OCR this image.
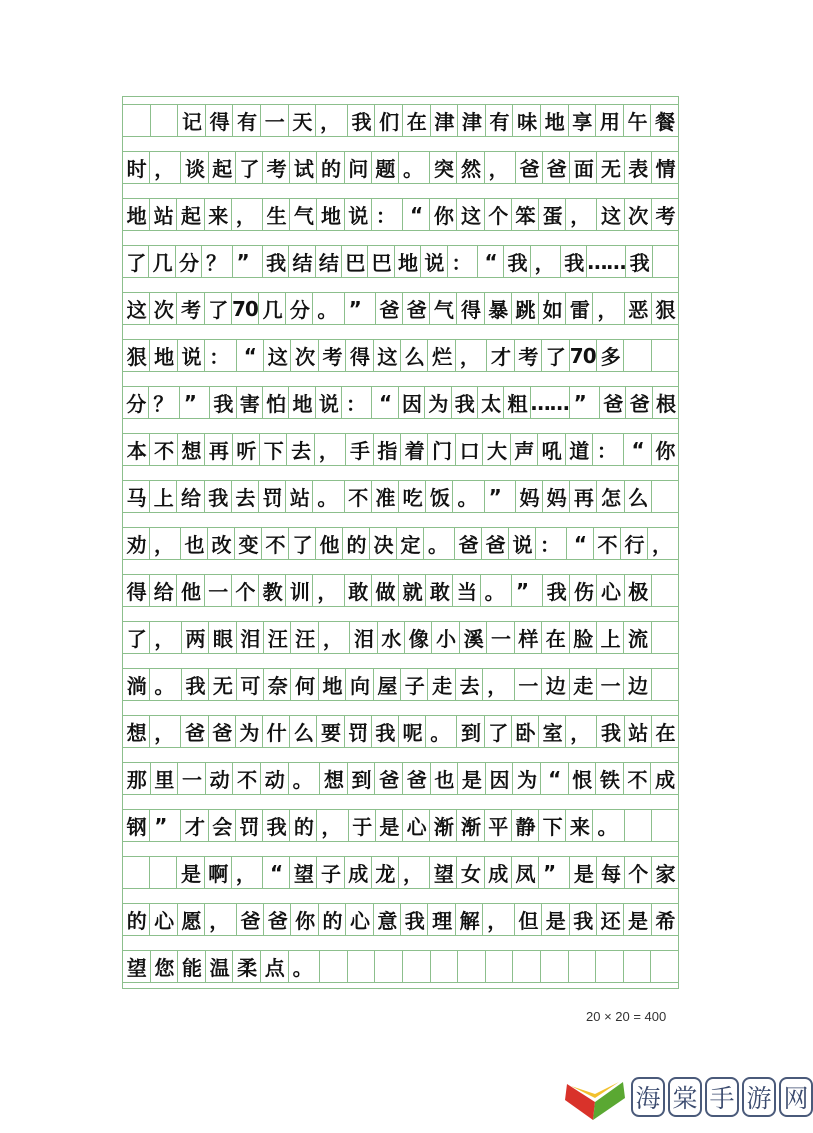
记 得 有 一 天 ， 我 们 在 津 津 有 味 地 享 用 午 餐
时 ， 谈 起 了 考 试 的 问 题 。 突 然 ， 爸 爸 面 无 表 情
地 站 起 来 ， 生 气 地 说 ： “ 你 这 个 笨 蛋 ， 这 次 考
了 几 分 ？ ” 我 结 结 巴 巴 地 说 ： “ 我 ， 我 …… 我
这 次 考 了 70 几 分 。 ” 爸 爸 气 得 暴 跳 如 雷 ， 恶 狠
狠 地 说 ： “ 这 次 考 得 这 么 烂 ， 才 考 了 70 多
分 ？ ” 我 害 怕 地 说 ： “ 因 为 我 太 粗 …… ” 爸 爸 根
本 不 想 再 听 下 去 ， 手 指 着 门 口 大 声 吼 道 ： “ 你
马 上 给 我 去 罚 站 。 不 准 吃 饭 。 ” 妈 妈 再 怎 么
劝 ， 也 改 变 不 了 他 的 决 定 。 爸 爸 说 ： “ 不 行 ，
得 给 他 一 个 教 训 ， 敢 做 就 敢 当 。 ” 我 伤 心 极
了 ， 两 眼 泪 汪 汪 ， 泪 水 像 小 溪 一 样 在 脸 上 流
淌 。 我 无 可 奈 何 地 向 屋 子 走 去 ， 一 边 走 一 边
想 ， 爸 爸 为 什 么 要 罚 我 呢 。 到 了 卧 室 ， 我 站 在
那 里 一 动 不 动 。 想 到 爸 爸 也 是 因 为 “ 恨 铁 不 成
钢 ” 才 会 罚 我 的 ， 于 是 心 渐 渐 平 静 下 来 。
是 啊 ， “ 望 子 成 龙 ， 望 女 成 凤 ” 是 每 个 家
的 心 愿 ， 爸 爸 你 的 心 意 我 理 解 ， 但 是 我 还 是 希
望 您 能 温 柔 点 。
20 × 20 = 400
海 棠 手 游 网
